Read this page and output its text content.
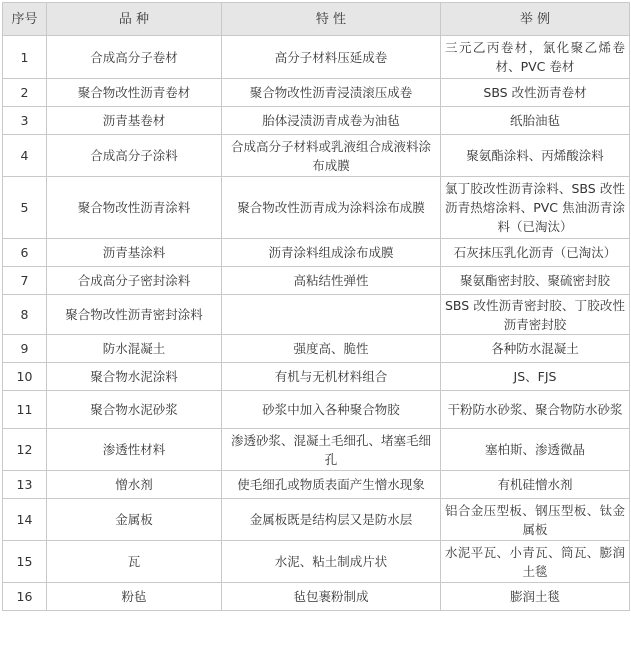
序号	品 种	特 性	举 例
1	合成高分子卷材	高分子材料压延成卷	三元乙丙卷材，氯化聚乙烯卷材、PVC 卷材
2	聚合物改性沥青卷材	聚合物改性沥青浸渍滚压成卷	SBS 改性沥青卷材
3	沥青基卷材	胎体浸渍沥青成卷为油毡	纸胎油毡
4	合成高分子涂料	合成高分子材料或乳液组合成液料涂布成膜	聚氨酯涂料、丙烯酸涂料
5	聚合物改性沥青涂料	聚合物改性沥青成为涂料涂布成膜	氯丁胶改性沥青涂料、SBS 改性沥青热熔涂料、PVC 焦油沥青涂料（已淘汰）
6	沥青基涂料	沥青涂料组成涂布成膜	石灰抹压乳化沥青（已淘汰）
7	合成高分子密封涂料	高粘结性弹性	聚氨酯密封胶、聚硫密封胶
8	聚合物改性沥青密封涂料		SBS 改性沥青密封胶、丁胶改性沥青密封胶
9	防水混凝土	强度高、脆性	各种防水混凝土
10	聚合物水泥涂料	有机与无机材料组合	JS、FJS
11	聚合物水泥砂浆	砂浆中加入各种聚合物胶	干粉防水砂浆、聚合物防水砂浆
12	渗透性材料	渗透砂浆、混凝土毛细孔、堵塞毛细孔	塞柏斯、渗透微晶
13	憎水剂	使毛细孔或物质表面产生憎水现象	有机硅憎水剂
14	金属板	金属板既是结构层又是防水层	铝合金压型板、钢压型板、钛金属板
15	瓦	水泥、粘土制成片状	水泥平瓦、小青瓦、筒瓦、膨润土毯
16	粉毡	毡包裹粉制成	膨润土毯
